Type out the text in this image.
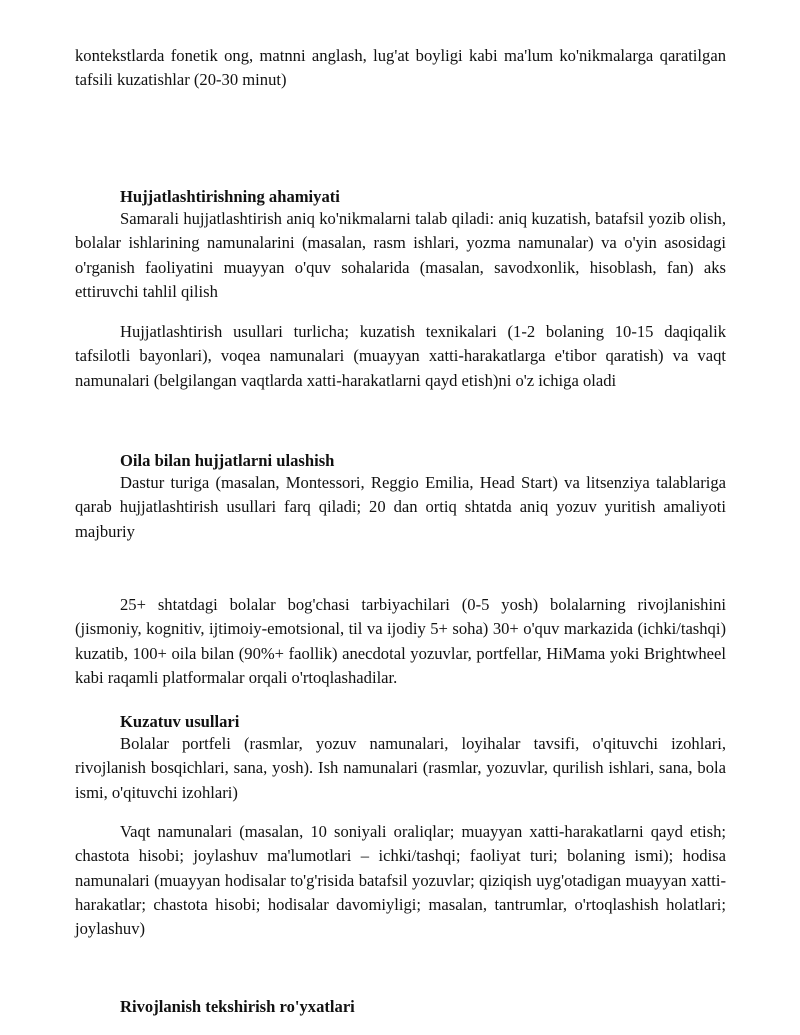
kontekstlarda fonetik ong, matnni anglash, lug'at boyligi kabi ma'lum ko'nikmalarga qaratilgan tafsili kuzatishlar (20-30 minut)

Hujjatlashtirishning ahamiyati

Samarali hujjatlashtirish aniq ko'nikmalarni talab qiladi: aniq kuzatish, batafsil yozib olish, bolalar ishlarining namunalarini (masalan, rasm ishlari, yozma namunalar) va o'yin asosidagi o'rganish faoliyatini muayyan o'quv sohalarida (masalan, savodxonlik, hisoblash, fan) aks ettiruvchi tahlil qilish

Hujjatlashtirish usullari turlicha; kuzatish texnikalari (1-2 bolaning 10-15 daqiqalik tafsilotli bayonlari), voqea namunalari (muayyan xatti-harakatlarga e'tibor qaratish) va vaqt namunalari (belgilangan vaqtlarda xatti-harakatlarni qayd etish)ni o'z ichiga oladi

Oila bilan hujjatlarni ulashish

Dastur turiga (masalan, Montessori, Reggio Emilia, Head Start) va litsenziya talablariga qarab hujjatlashtirish usullari farq qiladi; 20 dan ortiq shtatda aniq yozuv yuritish amaliyoti majburiy

25+ shtatdagi bolalar bog'chasi tarbiyachilari (0-5 yosh) bolalarning rivojlanishini (jismoniy, kognitiv, ijtimoiy-emotsional, til va ijodiy 5+ soha) 30+ o'quv markazida (ichki/tashqi) kuzatib, 100+ oila bilan (90%+ faollik) anecdotal yozuvlar, portfellar, HiMama yoki Brightwheel kabi raqamli platformalar orqali o'rtoqlashadilar.

Kuzatuv usullari

Bolalar portfeli (rasmlar, yozuv namunalari, loyihalar tavsifi, o'qituvchi izohlari, rivojlanish bosqichlari, sana, yosh). Ish namunalari (rasmlar, yozuvlar, qurilish ishlari, sana, bola ismi, o'qituvchi izohlari)

Vaqt namunalari (masalan, 10 soniyali oraliqlar; muayyan xatti-harakatlarni qayd etish; chastota hisobi; joylashuv ma'lumotlari – ichki/tashqi; faoliyat turi; bolaning ismi); hodisa namunalari (muayyan hodisalar to'g'risida batafsil yozuvlar; qiziqish uyg'otadigan muayyan xatti-harakatlar; chastota hisobi; hodisalar davomiyligi; masalan, tantrumlar, o'rtoqlashish holatlari; joylashuv)

Rivojlanish tekshirish ro'yxatlari
